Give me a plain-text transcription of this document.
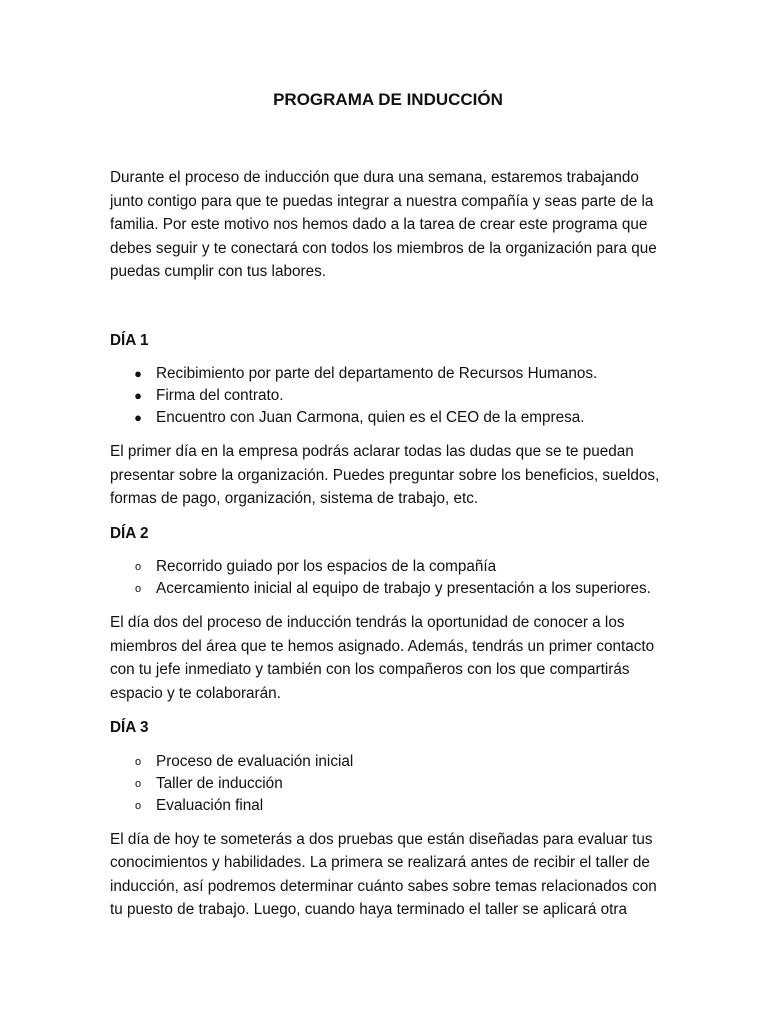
PROGRAMA DE INDUCCIÓN

Durante el proceso de inducción que dura una semana, estaremos trabajando junto contigo para que te puedas integrar a nuestra compañía y seas parte de la familia. Por este motivo nos hemos dado a la tarea de crear este programa que debes seguir y te conectará con todos los miembros de la organización para que puedas cumplir con tus labores.

DÍA 1

● Recibimiento por parte del departamento de Recursos Humanos.
● Firma del contrato.
● Encuentro con Juan Carmona, quien es el CEO de la empresa.

El primer día en la empresa podrás aclarar todas las dudas que se te puedan presentar sobre la organización. Puedes preguntar sobre los beneficios, sueldos, formas de pago, organización, sistema de trabajo, etc.

DÍA 2

o Recorrido guiado por los espacios de la compañía
o Acercamiento inicial al equipo de trabajo y presentación a los superiores.

El día dos del proceso de inducción tendrás la oportunidad de conocer a los miembros del área que te hemos asignado. Además, tendrás un primer contacto con tu jefe inmediato y también con los compañeros con los que compartirás espacio y te colaborarán.

DÍA 3

o Proceso de evaluación inicial
o Taller de inducción
o Evaluación final

El día de hoy te someterás a dos pruebas que están diseñadas para evaluar tus conocimientos y habilidades. La primera se realizará antes de recibir el taller de inducción, así podremos determinar cuánto sabes sobre temas relacionados con tu puesto de trabajo. Luego, cuando haya terminado el taller se aplicará otra
